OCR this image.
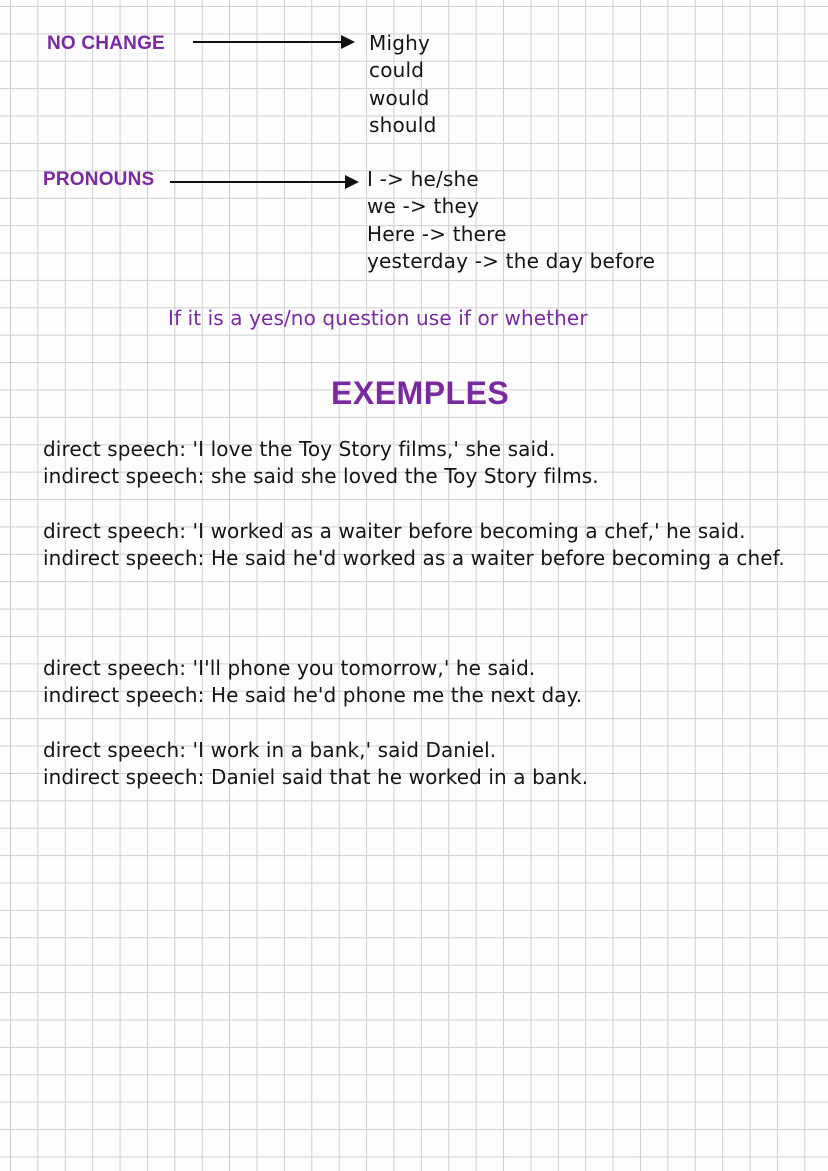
NO CHANGE	Mighy
could
would
should
PRONOUNS	I -> he/she
we -> they
Here -> there
yesterday -> the day before
If it is a yes/no question use if or whether
EXEMPLES
direct speech: 'I love the Toy Story films,' she said.
indirect speech: she said she loved the Toy Story films.
direct speech: 'I worked as a waiter before becoming a chef,' he said.
indirect speech: He said he'd worked as a waiter before becoming a chef.
direct speech: 'I'll phone you tomorrow,' he said.
indirect speech: He said he'd phone me the next day.
direct speech: 'I work in a bank,' said Daniel.
indirect speech: Daniel said that he worked in a bank.
